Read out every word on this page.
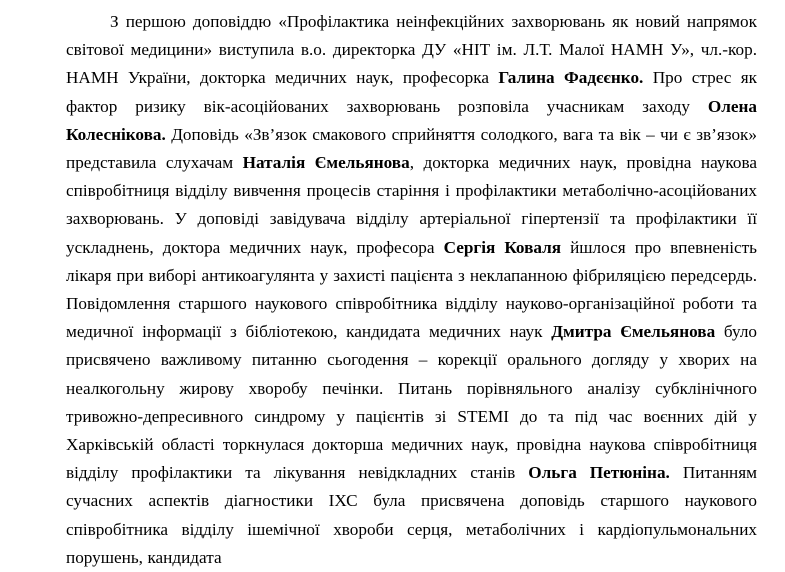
З першою доповіддю «Профілактика неінфекційних захворювань як новий напрямок світової медицини» виступила в.о. директорка ДУ «НІТ ім. Л.Т. Малої НАМН У», чл.-кор. НАМН України, докторка медичних наук, професорка Галина Фадєєнко. Про стрес як фактор ризику вік-асоційованих захворювань розповіла учасникам заходу Олена Колеснікова. Доповідь «Зв’язок смакового сприйняття солодкого, вага та вік – чи є зв’язок» представила слухачам Наталія Ємельянова, докторка медичних наук, провідна наукова співробітниця відділу вивчення процесів старіння і профілактики метаболічно-асоційованих захворювань. У доповіді завідувача відділу артеріальної гіпертензії та профілактики її ускладнень, доктора медичних наук, професора Сергія Коваля йшлося про впевненість лікаря при виборі антикоагулянта у захисті пацієнта з неклапанною фібриляцією передсердь. Повідомлення старшого наукового співробітника відділу науково-організаційної роботи та медичної інформації з бібліотекою, кандидата медичних наук Дмитра Ємельянова було присвячено важливому питанню сьогодення – корекції орального догляду у хворих на неалкогольну жирову хворобу печінки. Питань порівняльного аналізу субклінічного тривожно-депресивного синдрому у пацієнтів зі STEMI до та під час воєнних дій у Харківській області торкнулася докторша медичних наук, провідна наукова співробітниця відділу профілактики та лікування невідкладних станів Ольга Петюніна. Питанням сучасних аспектів діагностики ІХС була присвячена доповідь старшого наукового співробітника відділу ішемічної хвороби серця, метаболічних і кардіопульмональних порушень, кандидата
